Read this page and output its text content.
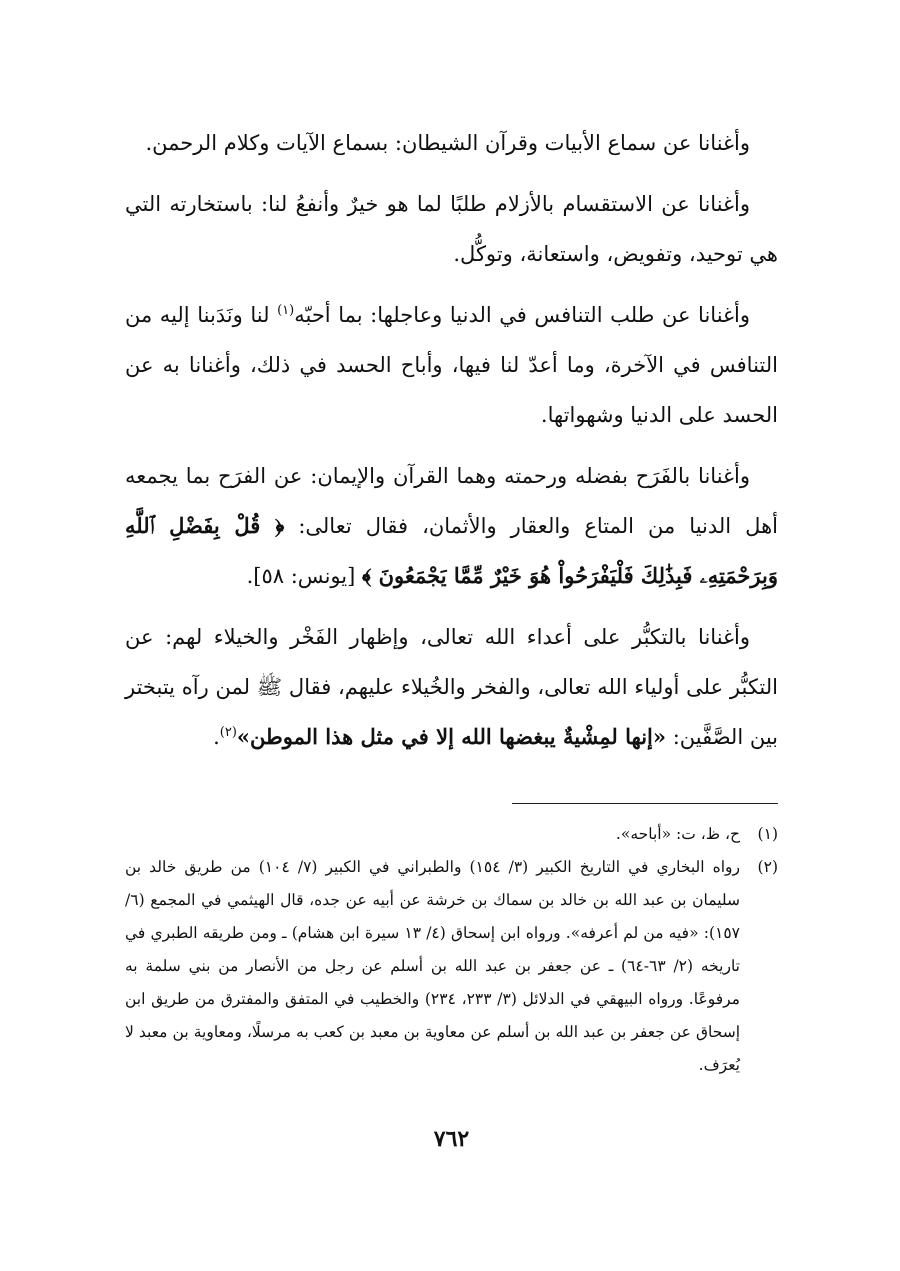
وأغنانا عن سماع الأبيات وقرآن الشيطان: بسماع الآيات وكلام الرحمن.

وأغنانا عن الاستقسام بالأزلام طلبًا لما هو خيرٌ وأنفعُ لنا: باستخارته التي هي توحيد، وتفويض، واستعانة، وتوكُّل.

وأغنانا عن طلب التنافس في الدنيا وعاجلها: بما أحبّه$^{(١)}$ لنا ونَدَبنا إليه من التنافس في الآخرة، وما أعدّ لنا فيها، وأباح الحسد في ذلك، وأغنانا به عن الحسد على الدنيا وشهواتها.

وأغنانا بالفَرَح بفضله ورحمته وهما القرآن والإيمان: عن الفرَح بما يجمعه أهل الدنيا من المتاع والعقار والأثمان، فقال تعالى: ﴿ قُلْ بِفَضْلِ ٱللَّهِ وَبِرَحْمَتِهِۦ فَبِذَٰلِكَ فَلْيَفْرَحُواْ هُوَ خَيْرٌ مِّمَّا يَجْمَعُونَ ﴾ [يونس: ٥٨].

وأغنانا بالتكبُّر على أعداء الله تعالى، وإظهار الفَخْر والخيلاء لهم: عن التكبُّر على أولياء الله تعالى، والفخر والخُيلاء عليهم، فقال ﷺ لمن رآه يتبختر بين الصَّفَّين: «إنها لمِشْيةٌ يبغضها الله إلا في مثل هذا الموطن»$^{(٢)}$.

(١)
ح، ظ، ت: «أباحه».
(٢)
رواه البخاري في التاريخ الكبير (٣/ ١٥٤) والطبراني في الكبير (٧/ ١٠٤) من طريق خالد بن سليمان بن عبد الله بن خالد بن سماك بن خرشة عن أبيه عن جده، قال الهيثمي في المجمع (٦/ ١٥٧): «فيه من لم أعرفه». ورواه ابن إسحاق (٤/ ١٣ سيرة ابن هشام) ـ ومن طريقه الطبري في تاريخه (٢/ ٦٣-٦٤) ـ عن جعفر بن عبد الله بن أسلم عن رجل من الأنصار من بني سلمة به مرفوعًا. ورواه البيهقي في الدلائل (٣/ ٢٣٣، ٢٣٤) والخطيب في المتفق والمفترق من طريق ابن إسحاق عن جعفر بن عبد الله بن أسلم عن معاوية بن معبد بن كعب به مرسلًا، ومعاوية بن معبد لا يُعرَف.
٧٦٢
